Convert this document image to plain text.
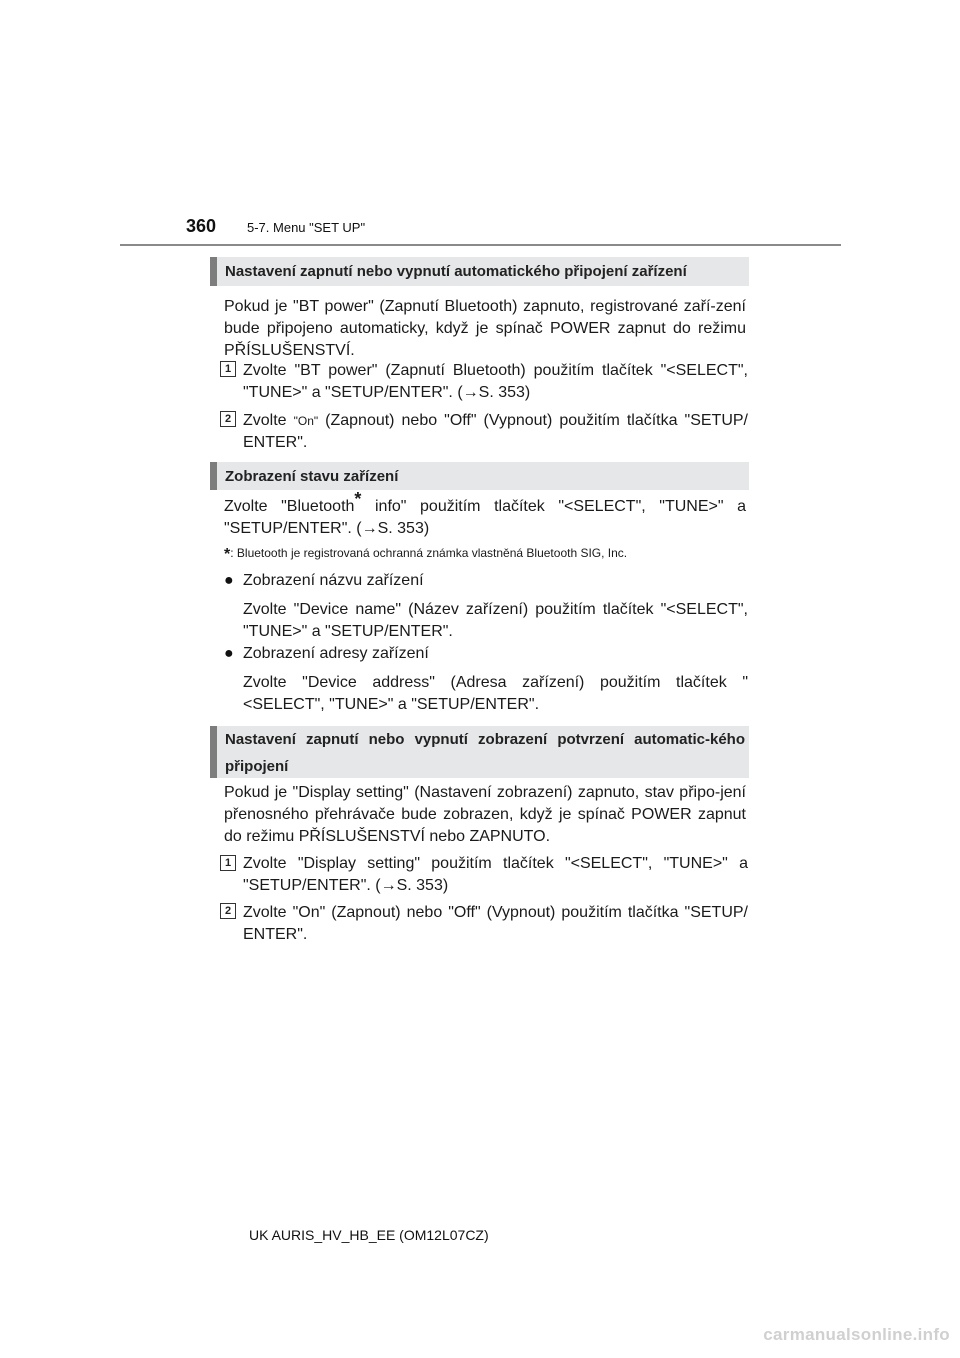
360 5-7. Menu "SET UP"
Nastavení zapnutí nebo vypnutí automatického připojení zařízení
Pokud je "BT power" (Zapnutí Bluetooth) zapnuto, registrované zaří-zení bude připojeno automaticky, když je spínač POWER zapnut do režimu PŘÍSLUŠENSTVÍ.
1 Zvolte "BT power" (Zapnutí Bluetooth) použitím tlačítek "<SELECT", "TUNE>" a "SETUP/ENTER". (→S. 353)
2 Zvolte "On" (Zapnout) nebo "Off" (Vypnout) použitím tlačítka "SETUP/ ENTER".
Zobrazení stavu zařízení
Zvolte "Bluetooth* info" použitím tlačítek "<SELECT", "TUNE>" a "SETUP/ENTER". (→S. 353)
*: Bluetooth je registrovaná ochranná známka vlastněná Bluetooth SIG, Inc.
● Zobrazení názvu zařízení
Zvolte "Device name" (Název zařízení) použitím tlačítek "<SELECT", "TUNE>" a "SETUP/ENTER".
● Zobrazení adresy zařízení
Zvolte "Device address" (Adresa zařízení) použitím tlačítek "<SELECT", "TUNE>" a "SETUP/ENTER".
Nastavení zapnutí nebo vypnutí zobrazení potvrzení automatic-kého připojení
Pokud je "Display setting" (Nastavení zobrazení) zapnuto, stav připo-jení přenosného přehrávače bude zobrazen, když je spínač POWER zapnut do režimu PŘÍSLUŠENSTVÍ nebo ZAPNUTO.
1 Zvolte "Display setting" použitím tlačítek "<SELECT", "TUNE>" a "SETUP/ENTER". (→S. 353)
2 Zvolte "On" (Zapnout) nebo "Off" (Vypnout) použitím tlačítka "SETUP/ ENTER".
UK AURIS_HV_HB_EE (OM12L07CZ)
carmanualsonline.info
